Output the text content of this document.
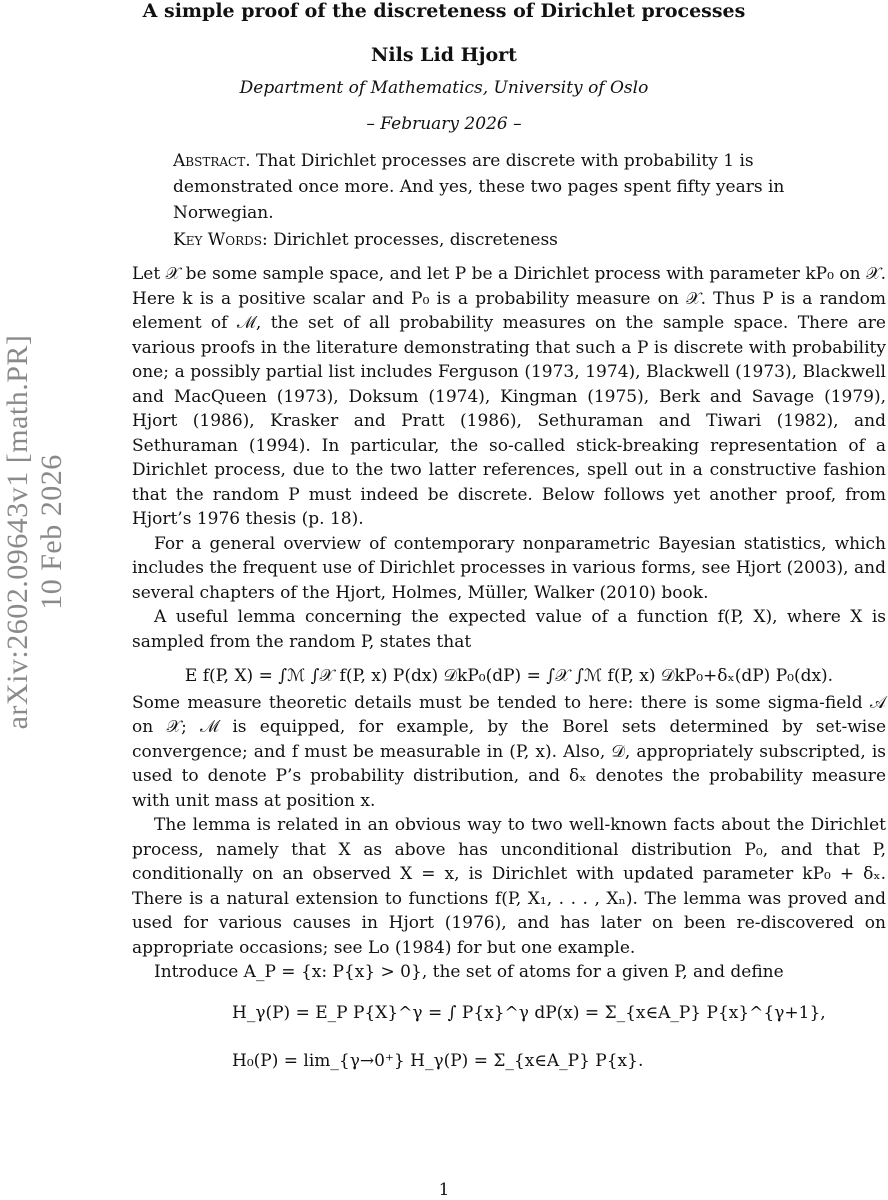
A simple proof of the discreteness of Dirichlet processes
Nils Lid Hjort
Department of Mathematics, University of Oslo
– February 2026 –
Abstract. That Dirichlet processes are discrete with probability 1 is demonstrated once more. And yes, these two pages spent fifty years in Norwegian.
Key Words: Dirichlet processes, discreteness
arXiv:2602.09643v1 [math.PR] 10 Feb 2026

Let 𝒳 be some sample space, and let P be a Dirichlet process with parameter kP₀ on 𝒳. Here k is a positive scalar and P₀ is a probability measure on 𝒳. Thus P is a random element of ℳ, the set of all probability measures on the sample space. There are various proofs in the literature demonstrating that such a P is discrete with probability one; a possibly partial list includes Ferguson (1973, 1974), Blackwell (1973), Blackwell and MacQueen (1973), Doksum (1974), Kingman (1975), Berk and Savage (1979), Hjort (1986), Krasker and Pratt (1986), Sethuraman and Tiwari (1982), and Sethuraman (1994). In particular, the so-called stick-breaking representation of a Dirichlet process, due to the two latter references, spell out in a constructive fashion that the random P must indeed be discrete. Below follows yet another proof, from Hjort’s 1976 thesis (p. 18).

For a general overview of contemporary nonparametric Bayesian statistics, which includes the frequent use of Dirichlet processes in various forms, see Hjort (2003), and several chapters of the Hjort, Holmes, Müller, Walker (2010) book.

A useful lemma concerning the expected value of a function f(P, X), where X is sampled from the random P, states that

E f(P, X) = ∫ℳ ∫𝒳 f(P, x) P(dx) 𝒟kP₀(dP) = ∫𝒳 ∫ℳ f(P, x) 𝒟kP₀+δₓ(dP) P₀(dx).

Some measure theoretic details must be tended to here: there is some sigma-field 𝒜 on 𝒳; ℳ is equipped, for example, by the Borel sets determined by set-wise convergence; and f must be measurable in (P, x). Also, 𝒟, appropriately subscripted, is used to denote P’s probability distribution, and δₓ denotes the probability measure with unit mass at position x.

The lemma is related in an obvious way to two well-known facts about the Dirichlet process, namely that X as above has unconditional distribution P₀, and that P, conditionally on an observed X = x, is Dirichlet with updated parameter kP₀ + δₓ. There is a natural extension to functions f(P, X₁, . . . , Xₙ). The lemma was proved and used for various causes in Hjort (1976), and has later on been re-discovered on appropriate occasions; see Lo (1984) for but one example.

Introduce A_P = {x: P{x} > 0}, the set of atoms for a given P, and define

H_γ(P) = E_P P{X}^γ = ∫ P{x}^γ dP(x) = Σ_{x∈A_P} P{x}^{γ+1},
H₀(P) = lim_{γ→0⁺} H_γ(P) = Σ_{x∈A_P} P{x}.
1
